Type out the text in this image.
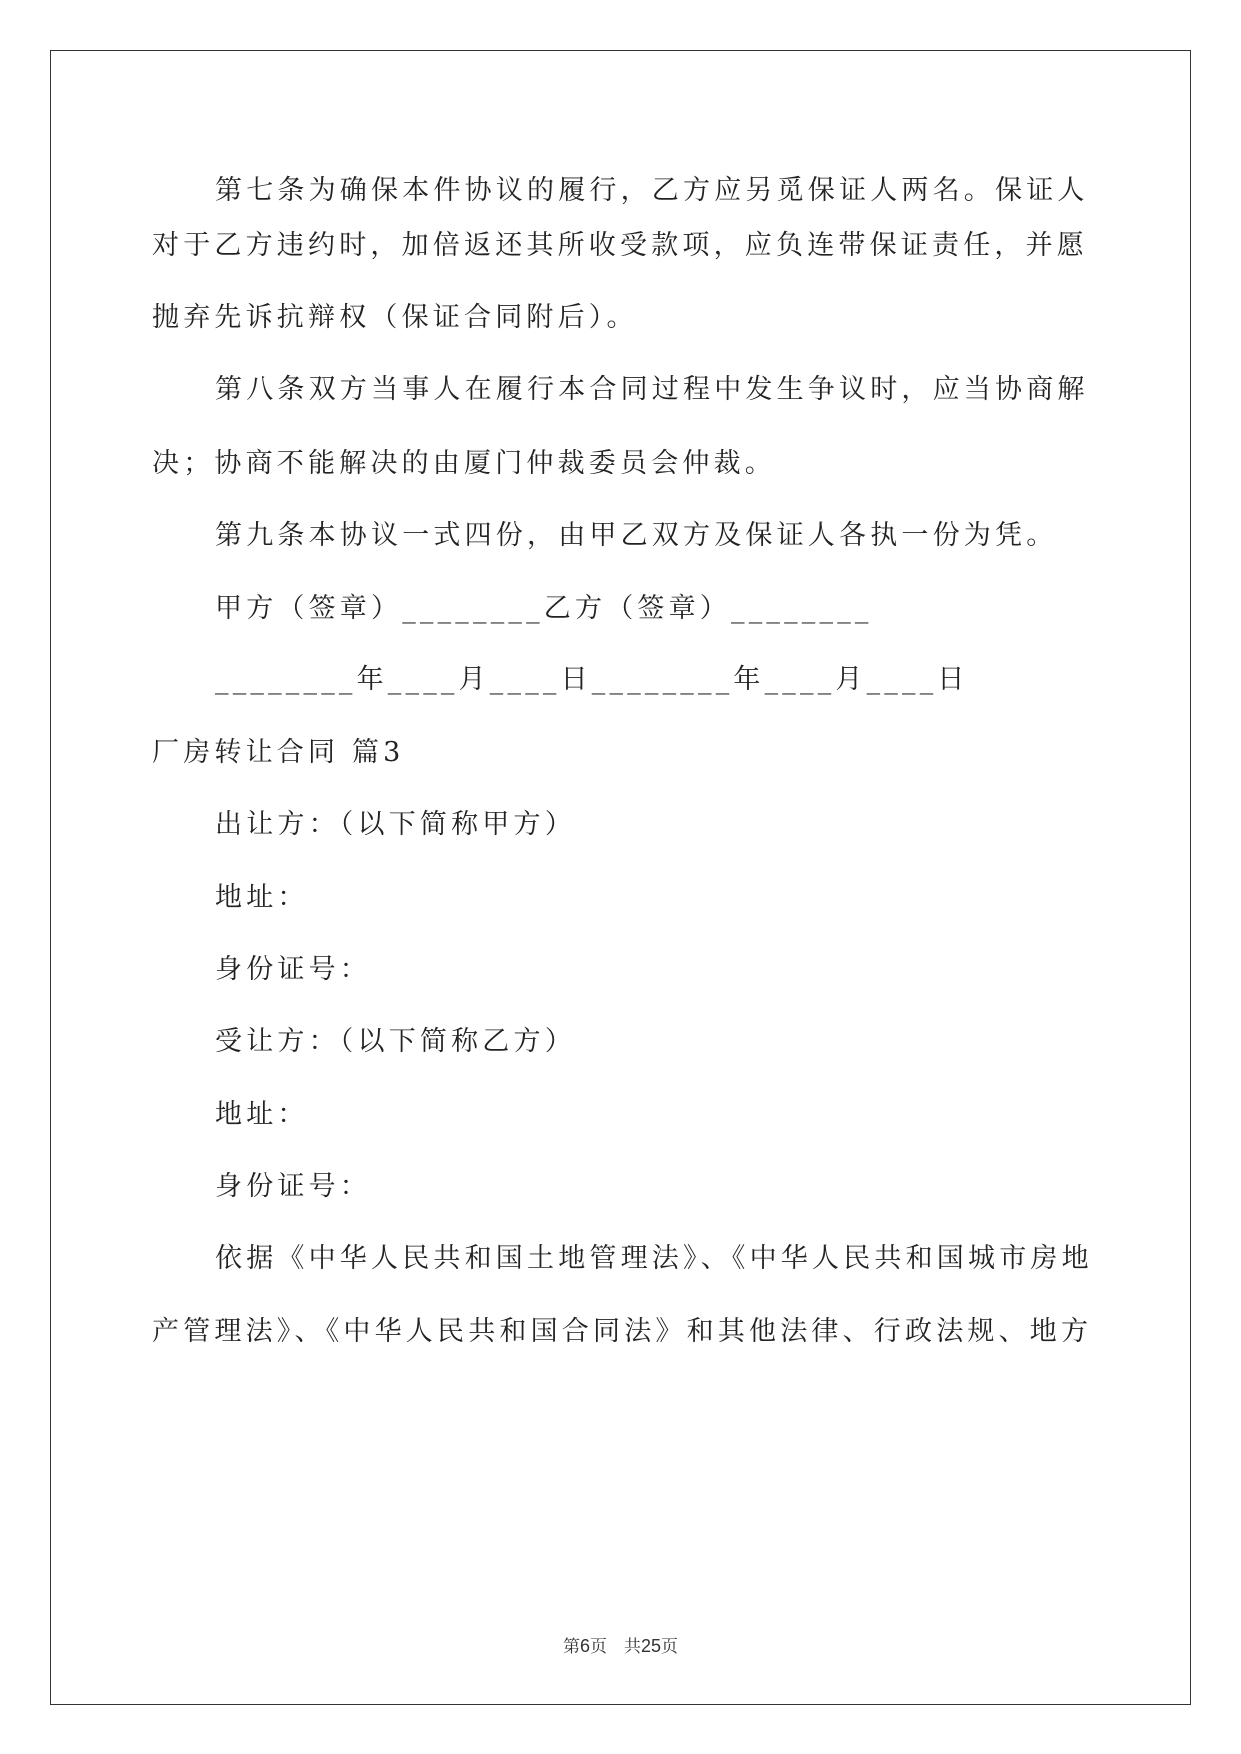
第七条为确保本件协议的履行，乙方应另觅保证人两名。保证人
对于乙方违约时，加倍返还其所收受款项，应负连带保证责任，并愿
抛弃先诉抗辩权（保证合同附后）。
第八条双方当事人在履行本合同过程中发生争议时，应当协商解
决；协商不能解决的由厦门仲裁委员会仲裁。
第九条本协议一式四份，由甲乙双方及保证人各执一份为凭。
甲方（签章）________乙方（签章）________
________年____月____日________年____月____日
厂房转让合同 篇3
出让方：（以下简称甲方）
地址：
身份证号：
受让方：（以下简称乙方）
地址：
身份证号：
依据《中华人民共和国土地管理法》、《中华人民共和国城市房地
产管理法》、《中华人民共和国合同法》和其他法律、行政法规、地方
第6页　共25页
